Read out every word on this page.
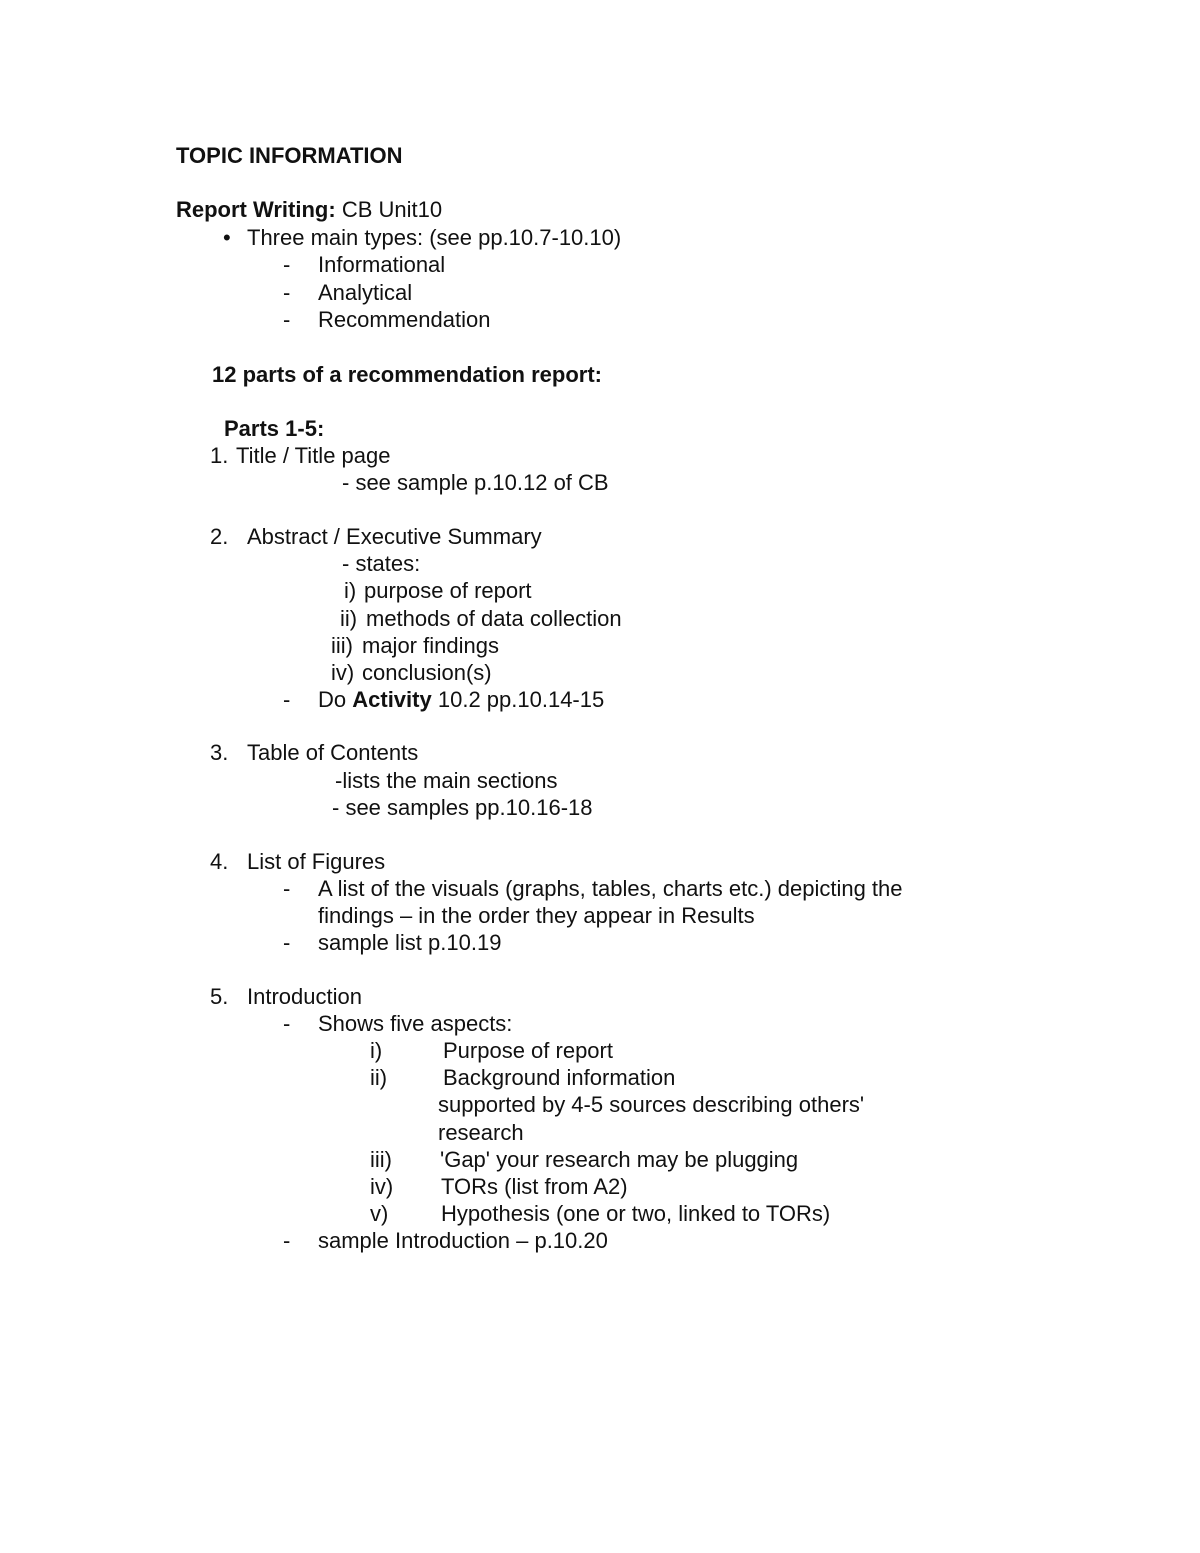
TOPIC INFORMATION
Report Writing: CB Unit10
• Three main types: (see pp.10.7-10.10)
- Informational
- Analytical
- Recommendation
12 parts of a recommendation report:
Parts 1-5:
1. Title / Title page
- see sample p.10.12 of CB
2. Abstract / Executive Summary
- states:
i) purpose of report
ii) methods of data collection
iii) major findings
iv) conclusion(s)
- Do Activity 10.2 pp.10.14-15
3. Table of Contents
-lists the main sections
- see samples pp.10.16-18
4. List of Figures
- A list of the visuals (graphs, tables, charts etc.) depicting the
findings – in the order they appear in Results
- sample list p.10.19
5. Introduction
- Shows five aspects:
i)	Purpose of report
ii)	Background information
supported by 4-5 sources describing others'
research
iii) 'Gap' your research may be plugging
iv) TORs (list from A2)
v) Hypothesis (one or two, linked to TORs)
- sample Introduction – p.10.20
